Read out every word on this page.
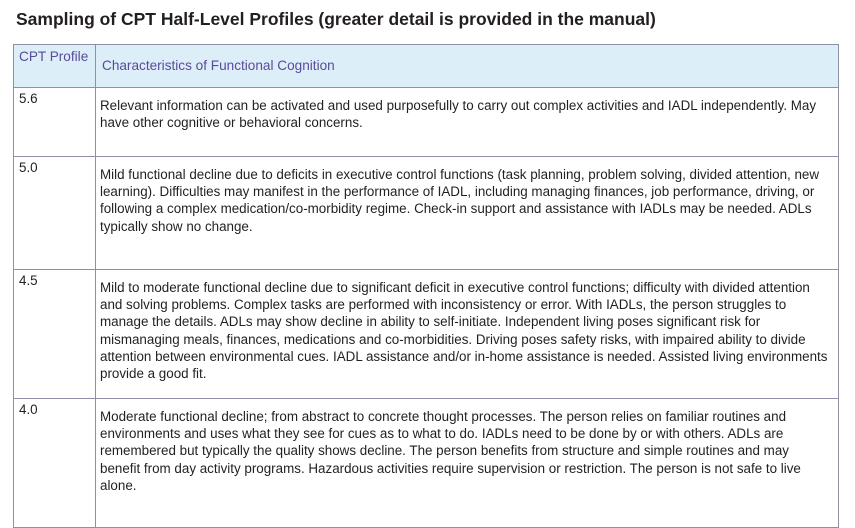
Sampling of CPT Half-Level Profiles (greater detail is provided in the manual)
CPT Profile	Characteristics of Functional Cognition
5.6	Relevant information can be activated and used purposefully to carry out complex activities and IADL independently. May have other cognitive or behavioral concerns.

5.0	Mild functional decline due to deficits in executive control functions (task planning, problem solving, divided attention, new learning). Difficulties may manifest in the performance of IADL, including managing finances, job performance, driving, or following a complex medication/co-morbidity regime. Check-in support and assistance with IADLs may be needed. ADLs typically show no change.

4.5	Mild to moderate functional decline due to significant deficit in executive control functions; difficulty with divided attention and solving problems. Complex tasks are performed with inconsistency or error. With IADLs, the person struggles to manage the details. ADLs may show decline in ability to self-initiate. Independent living poses significant risk for mismanaging meals, finances, medications and co-morbidities. Driving poses safety risks, with impaired ability to divide attention between environmental cues. IADL assistance and/or in-home assistance is needed. Assisted living environments provide a good fit.

4.0	Moderate functional decline; from abstract to concrete thought processes. The person relies on familiar routines and environments and uses what they see for cues as to what to do. IADLs need to be done by or with others. ADLs are remembered but typically the quality shows decline. The person benefits from structure and simple routines and may benefit from day activity programs. Hazardous activities require supervision or restriction. The person is not safe to live alone.
